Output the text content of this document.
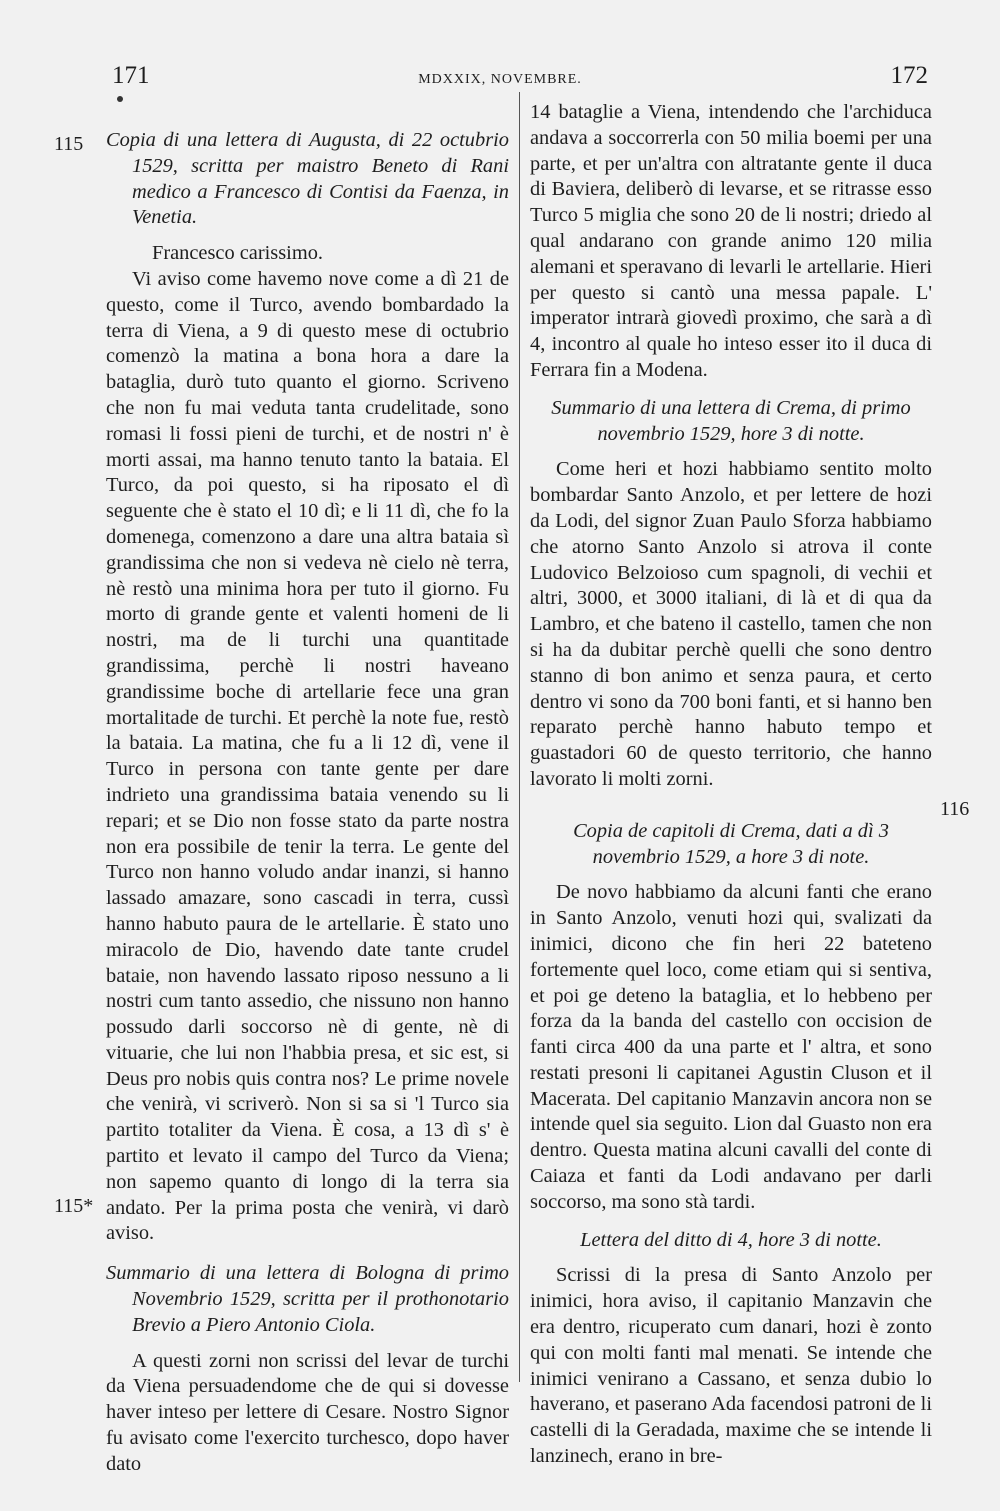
171	MDXXIX, NOVEMBRE.	172
115
115*
116

Copia di una lettera di Augusta, di 22 octubrio 1529, scritta per maistro Beneto di Rani medico a Francesco di Contisi da Faenza, in Venetia.

Francesco carissimo.

Vi aviso come havemo nove come a dì 21 de questo, come il Turco, avendo bombardado la terra di Viena, a 9 di questo mese di octubrio comenzò la matina a bona hora a dare la bataglia, durò tuto quanto el giorno. Scriveno che non fu mai veduta tanta crudelitade, sono romasi li fossi pieni de turchi, et de nostri n' è morti assai, ma hanno tenuto tanto la bataia. El Turco, da poi questo, si ha riposato el dì seguente che è stato el 10 dì; e li 11 dì, che fo la domenega, comenzono a dare una altra bataia sì grandissima che non si vedeva nè cielo nè terra, nè restò una minima hora per tuto il giorno. Fu morto di grande gente et valenti homeni de li nostri, ma de li turchi una quantitade grandissima, perchè li nostri haveano grandissime boche di artellarie fece una gran mortalitade de turchi. Et perchè la note fue, restò la bataia. La matina, che fu a li 12 dì, vene il Turco in persona con tante gente per dare indrieto una grandissima bataia venendo su li repari; et se Dio non fosse stato da parte nostra non era possibile de tenir la terra. Le gente del Turco non hanno voludo andar inanzi, si hanno lassado amazare, sono cascadi in terra, cussì hanno habuto paura de le artellarie. È stato uno miracolo de Dio, havendo date tante crudel bataie, non havendo lassato riposo nessuno a li nostri cum tanto assedio, che nissuno non hanno possudo darli soccorso nè di gente, nè di vituarie, che lui non l'habbia presa, et sic est, si Deus pro nobis quis contra nos? Le prime novele che venirà, vi scriverò. Non si sa si 'l Turco sia partito totaliter da Viena. È cosa, a 13 dì s' è partito et levato il campo del Turco da Viena; non sapemo quanto di longo di la terra sia andato. Per la prima posta che venirà, vi darò aviso.

Summario di una lettera di Bologna di primo Novembrio 1529, scritta per il prothonotario Brevio a Piero Antonio Ciola.

A questi zorni non scrissi del levar de turchi da Viena persuadendome che de qui si dovesse haver inteso per lettere di Cesare. Nostro Signor fu avisato come l'exercito turchesco, dopo haver dato

14 bataglie a Viena, intendendo che l'archiduca andava a soccorrerla con 50 milia boemi per una parte, et per un'altra con altratante gente il duca di Baviera, deliberò di levarse, et se ritrasse esso Turco 5 miglia che sono 20 de li nostri; driedo al qual andarano con grande animo 120 milia alemani et speravano di levarli le artellarie. Hieri per questo si cantò una messa papale. L' imperator intrarà giovedì proximo, che sarà a dì 4, incontro al quale ho inteso esser ito il duca di Ferrara fin a Modena.

Summario di una lettera di Crema, di primo novembrio 1529, hore 3 di notte.

Come heri et hozi habbiamo sentito molto bombardar Santo Anzolo, et per lettere de hozi da Lodi, del signor Zuan Paulo Sforza habbiamo che atorno Santo Anzolo si atrova il conte Ludovico Belzoioso cum spagnoli, di vechii et altri, 3000, et 3000 italiani, di là et di qua da Lambro, et che bateno il castello, tamen che non si ha da dubitar perchè quelli che sono dentro stanno di bon animo et senza paura, et certo dentro vi sono da 700 boni fanti, et si hanno ben reparato perchè hanno habuto tempo et guastadori 60 de questo territorio, che hanno lavorato li molti zorni.

Copia de capitoli di Crema, dati a dì 3 novembrio 1529, a hore 3 di note.

De novo habbiamo da alcuni fanti che erano in Santo Anzolo, venuti hozi qui, svalizati da inimici, dicono che fin heri 22 bateteno fortemente quel loco, come etiam qui si sentiva, et poi ge deteno la bataglia, et lo hebbeno per forza da la banda del castello con occision de fanti circa 400 da una parte et l' altra, et sono restati presoni li capitanei Agustin Cluson et il Macerata. Del capitanio Manzavin ancora non se intende quel sia seguito. Lion dal Guasto non era dentro. Questa matina alcuni cavalli del conte di Caiaza et fanti da Lodi andavano per darli soccorso, ma sono stà tardi.

Lettera del ditto di 4, hore 3 di notte.

Scrissi di la presa di Santo Anzolo per inimici, hora aviso, il capitanio Manzavin che era dentro, ricuperato cum danari, hozi è zonto qui con molti fanti mal menati. Se intende che inimici venirano a Cassano, et senza dubio lo haverano, et paserano Ada facendosi patroni de li castelli di la Geradada, maxime che se intende li lanzinech, erano in bre-
